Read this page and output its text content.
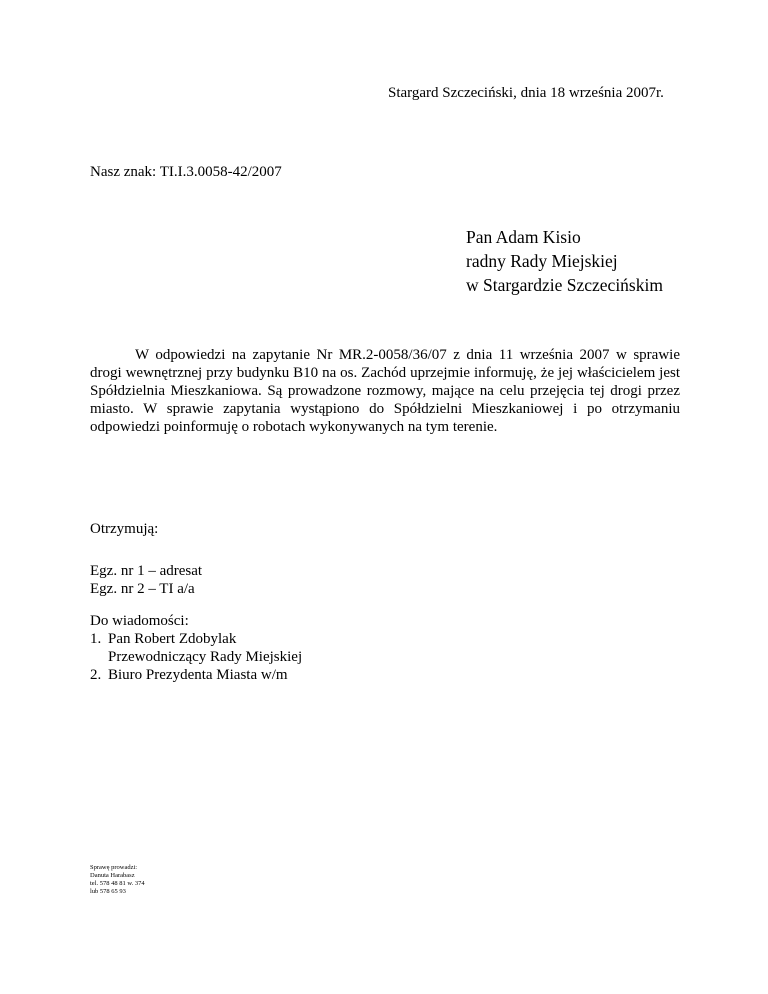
Stargard Szczeciński, dnia 18 września 2007r.
Nasz znak: TI.I.3.0058-42/2007
Pan Adam Kisio
radny Rady Miejskiej
w Stargardzie Szczecińskim

W odpowiedzi na zapytanie Nr MR.2-0058/36/07 z dnia 11 września 2007 w sprawie drogi wewnętrznej przy budynku B10 na os. Zachód uprzejmie informuję, że jej właścicielem jest Spółdzielnia Mieszkaniowa. Są prowadzone rozmowy, mające na celu przejęcia tej drogi przez miasto. W sprawie zapytania wystąpiono do Spółdzielni Mieszkaniowej i po otrzymaniu odpowiedzi poinformuję o robotach wykonywanych na tym terenie.

Otrzymują:
Egz. nr 1 – adresat
Egz. nr 2 – TI a/a
Do wiadomości:
1. Pan Robert Zdobylak
Przewodniczący Rady Miejskiej
2. Biuro Prezydenta Miasta w/m
Sprawę prowadzi:
Danuta Harabasz
tel. 578 48 81 w. 374
lub 578 65 93
